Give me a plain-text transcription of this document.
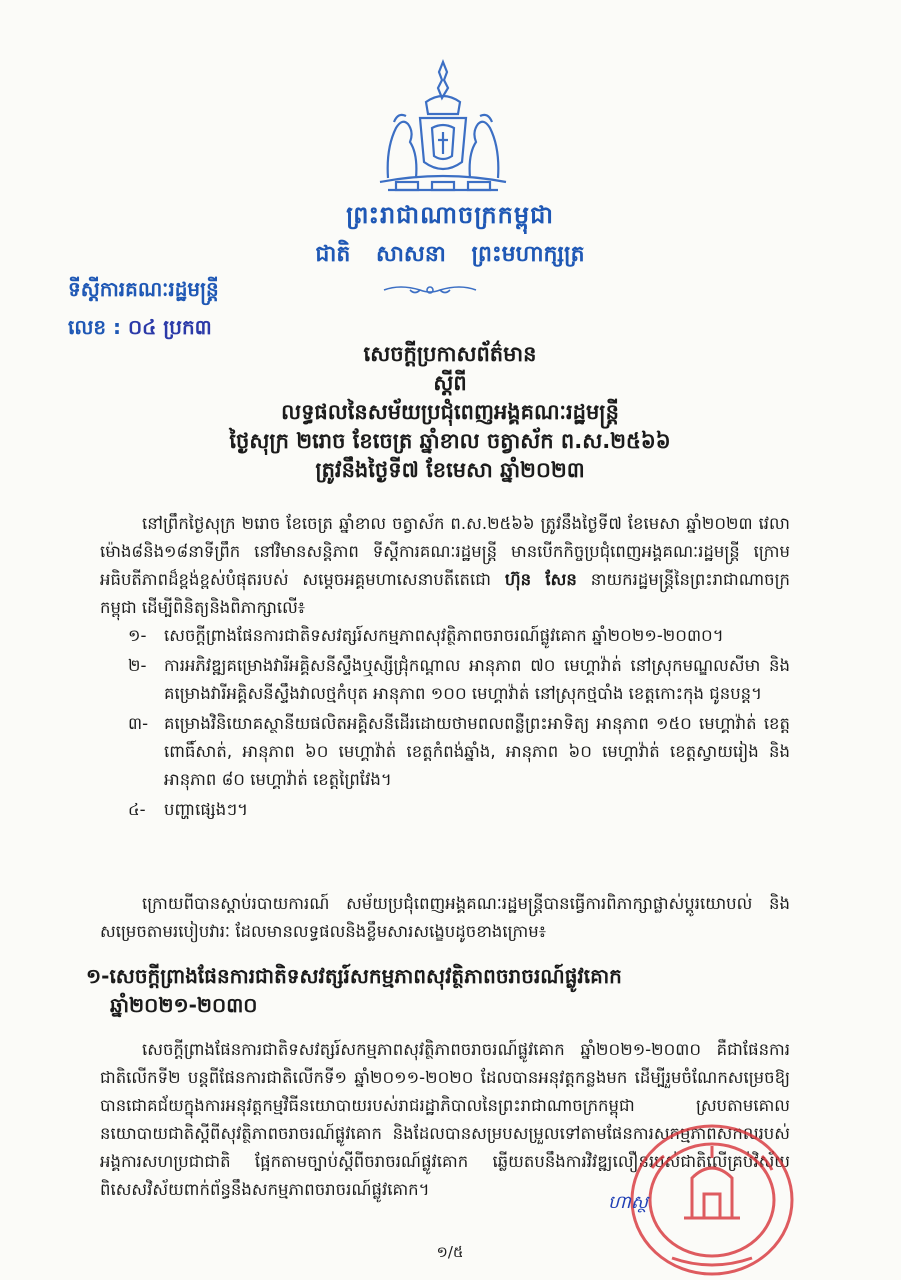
ព្រះរាជាណាចក្រកម្ពុជា
ជាតិ សាសនា ព្រះមហាក្សត្រ
ទីស្ដីការគណៈរដ្ឋមន្ត្រី
លេខ : ០៤ ប្រក៣
សេចក្ដីប្រកាសព័ត៌មាន
ស្ដីពី
លទ្ធផលនៃសម័យប្រជុំពេញអង្គគណៈរដ្ឋមន្ត្រី
ថ្ងៃសុក្រ ២រោច ខែចេត្រ ឆ្នាំខាល ចត្វាស័ក ព.ស.២៥៦៦
ត្រូវនឹងថ្ងៃទី៧ ខែមេសា ឆ្នាំ២០២៣
នៅព្រឹកថ្ងៃសុក្រ ២រោច ខែចេត្រ ឆ្នាំខាល ចត្វាស័ក ព.ស.២៥៦៦ ត្រូវនឹងថ្ងៃទី៧ ខែមេសា ឆ្នាំ២០២៣ វេលាម៉ោង៨និង១៨នាទីព្រឹក នៅវិមានសន្តិភាព ទីស្ដីការគណៈរដ្ឋមន្ត្រី មានបើកកិច្ចប្រជុំពេញអង្គគណៈរដ្ឋមន្ត្រី ក្រោមអធិបតីភាពដ៏ខ្ពង់ខ្ពស់បំផុតរបស់ សម្ដេចអគ្គមហាសេនាបតីតេជោ ហ៊ុន សែន នាយករដ្ឋមន្ត្រីនៃព្រះរាជាណាចក្រកម្ពុជា ដើម្បីពិនិត្យនិងពិភាក្សាលើ៖
១-	សេចក្ដីព្រាងផែនការជាតិទសវត្សរ៍សកម្មភាពសុវត្ថិភាពចរាចរណ៍ផ្លូវគោក ឆ្នាំ២០២១-២០៣០។
២-	ការអភិវឌ្ឍគម្រោងវារីអគ្គិសនីស្ទឹងឬស្សីជ្រុំកណ្ដាល អានុភាព ៧០ មេហ្គាវ៉ាត់ នៅស្រុកមណ្ឌលសីមា និងគម្រោងវារីអគ្គិសនីស្ទឹងវាលថ្មកំបុត អានុភាព ១០០ មេហ្គាវ៉ាត់ នៅស្រុកថ្មបាំង ខេត្តកោះកុង ជូនបន្ត។
៣- គម្រោងវិនិយោគស្ថានីយផលិតអគ្គិសនីដើរដោយថាមពលពន្លឺព្រះអាទិត្យ អានុភាព ១៥០ មេហ្គាវ៉ាត់ ខេត្តពោធិ៍សាត់, អានុភាព ៦០ មេហ្គាវ៉ាត់ ខេត្តកំពង់ឆ្នាំង, អានុភាព ៦០ មេហ្គាវ៉ាត់ ខេត្តស្វាយរៀង និងអានុភាព ៨០ មេហ្គាវ៉ាត់ ខេត្តព្រៃវែង។
៤-	បញ្ហាផ្សេងៗ។
ក្រោយពីបានស្ដាប់របាយការណ៍ សម័យប្រជុំពេញអង្គគណៈរដ្ឋមន្ត្រីបានធ្វើការពិភាក្សាផ្លាស់ប្ដូរយោបល់ និងសម្រេចតាមរបៀបវារៈ ដែលមានលទ្ធផលនិងខ្លឹមសារសង្ខេបដូចខាងក្រោម៖
១-សេចក្ដីព្រាងផែនការជាតិទសវត្សរ៍សកម្មភាពសុវត្ថិភាពចរាចរណ៍ផ្លូវគោក
ឆ្នាំ២០២១-២០៣០
សេចក្ដីព្រាងផែនការជាតិទសវត្សរ៍សកម្មភាពសុវត្ថិភាពចរាចរណ៍ផ្លូវគោក ឆ្នាំ២០២១-២០៣០ គឺជាផែនការជាតិលើកទី២ បន្តពីផែនការជាតិលើកទី១ ឆ្នាំ២០១១-២០២០ ដែលបានអនុវត្តកន្លងមក ដើម្បីរួមចំណែកសម្រេចឱ្យបានជោគជ័យក្នុងការអនុវត្តកម្មវិធីនយោបាយរបស់រាជរដ្ឋាភិបាលនៃព្រះរាជាណាចក្រកម្ពុជា ស្របតាមគោលនយោបាយជាតិស្ដីពីសុវត្ថិភាពចរាចរណ៍ផ្លូវគោក និងដែលបានសម្របសម្រួលទៅតាមផែនការសកម្មភាពសកលរបស់អង្គការសហប្រជាជាតិ ផ្អែកតាមច្បាប់ស្ដីពីចរាចរណ៍ផ្លូវគោក ឆ្លើយតបនឹងការវិវឌ្ឍលឿនរបស់ជាតិលើគ្រប់វិស័យ ពិសេសវិស័យពាក់ព័ន្ធនឹងសកម្មភាពចរាចរណ៍ផ្លូវគោក។
ហាស្ថ
១/៥
